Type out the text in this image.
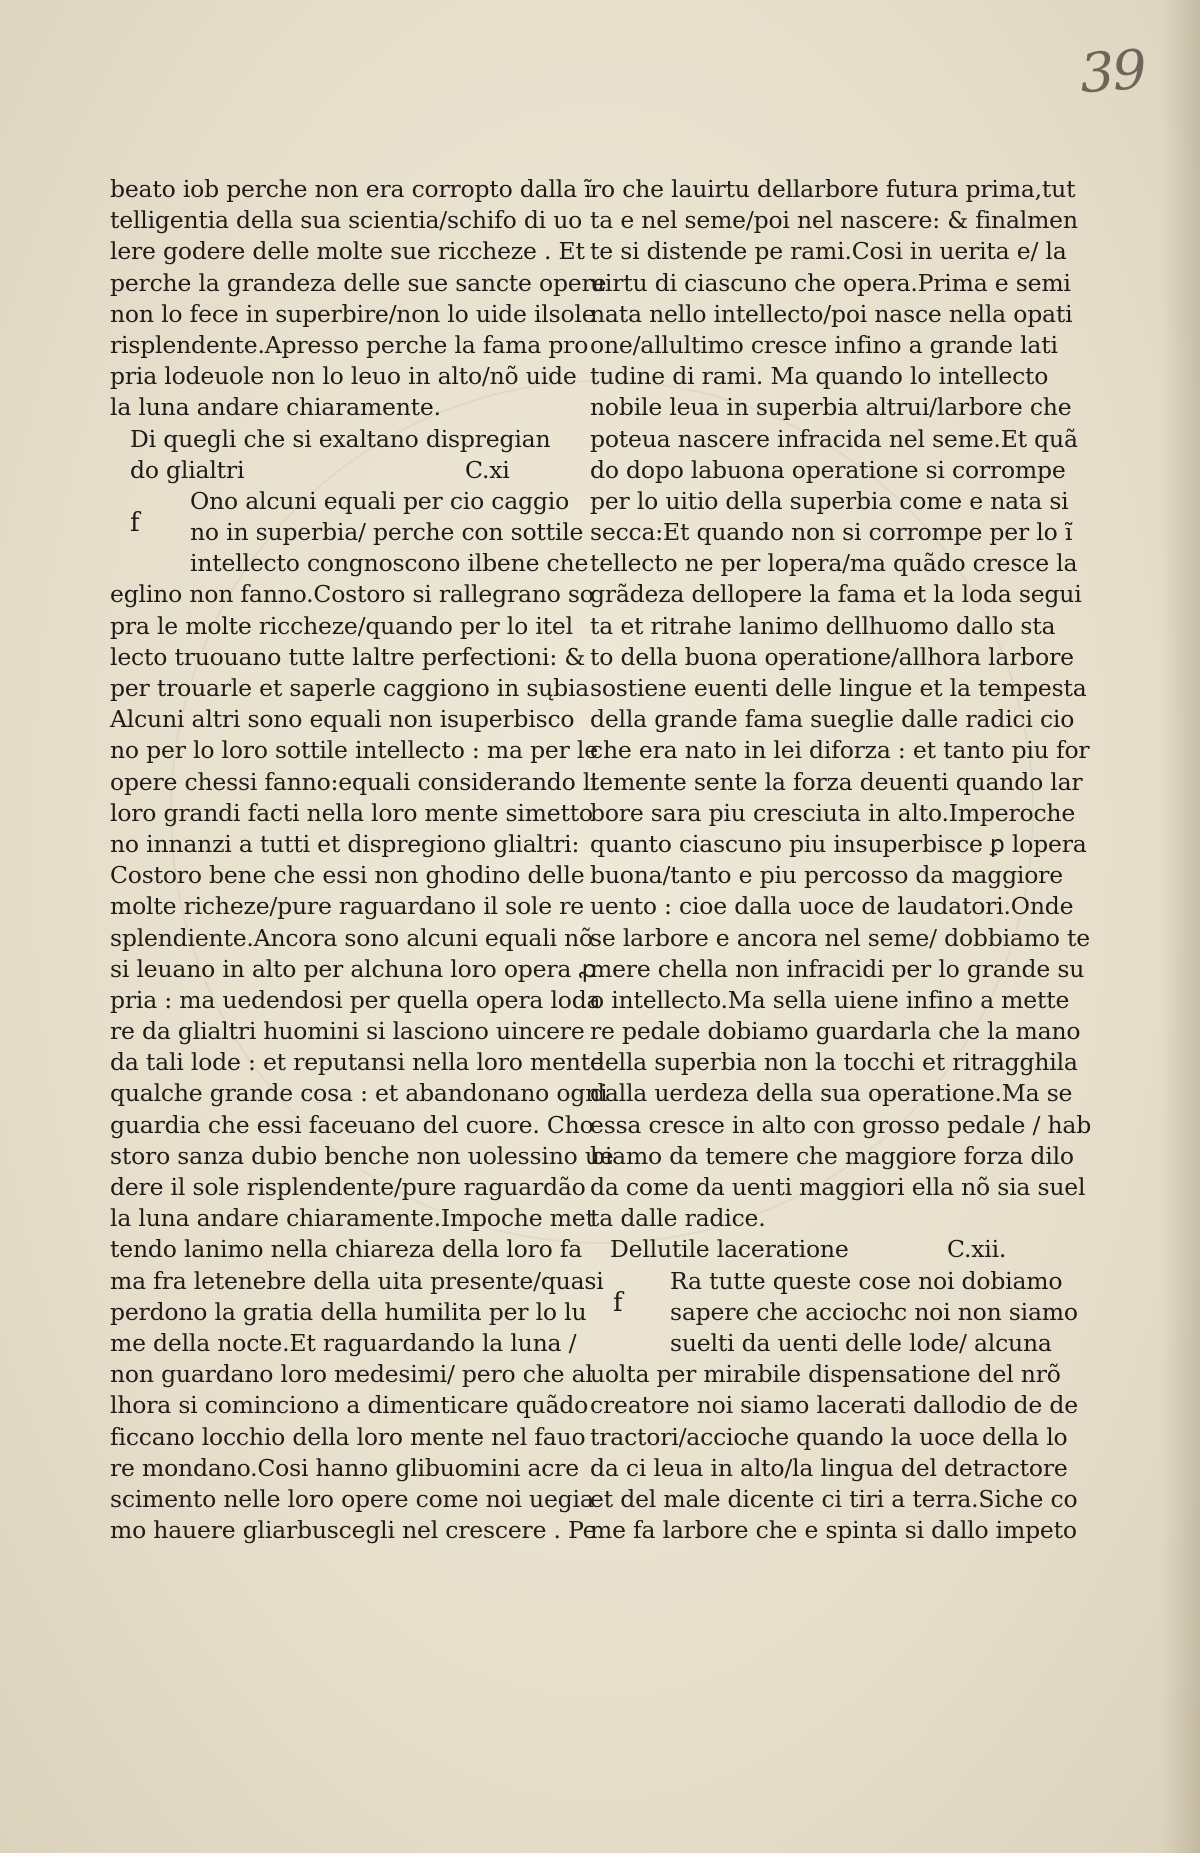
39
beato iob perche non era corropto dalla ĩ
telligentia della sua scientia/schifo di uo
lere godere delle molte sue riccheze . Et
perche la grandeza delle sue sancte opere
non lo fece in superbire/non lo uide ilsole
risplendente.Apresso perche la fama pro
pria lodeuole non lo leuo in alto/nõ uide
la luna andare chiaramente.
Di quegli che si exaltano dispregian
do glialtri	C.xi
f
Ono alcuni equali per cio caggio
no in superbia/ perche con sottile
intellecto congnoscono ilbene che
eglino non fanno.Costoro si rallegrano so
pra le molte riccheze/quando per lo itel
lecto truouano tutte laltre perfectioni: &
per trouarle et saperle caggiono in sųbia
Alcuni altri sono equali non isuperbisco
no per lo loro sottile intellecto : ma per le
opere chessi fanno:equali considerando li
loro grandi facti nella loro mente simetto
no innanzi a tutti et dispregiono glialtri:
Costoro bene che essi non ghodino delle
molte richeze/pure raguardano il sole re
splendiente.Ancora sono alcuni equali nõ
si leuano in alto per alchuna loro opera ꝓ
pria : ma uedendosi per quella opera loda
re da glialtri huomini si lasciono uincere
da tali lode : et reputansi nella loro mente
qualche grande cosa : et abandonano ogni
guardia che essi faceuano del cuore. Cho
storo sanza dubio benche non uolessino ue
dere il sole risplendente/pure raguardão
la luna andare chiaramente.Impoche met
tendo lanimo nella chiareza della loro fa
ma fra letenebre della uita presente/quasi
perdono la gratia della humilita per lo lu
me della nocte.Et raguardando la luna /
non guardano loro medesimi/ pero che al
lhora si cominciono a dimenticare quãdo
ficcano locchio della loro mente nel fauo
re mondano.Cosi hanno glibuomini acre
scimento nelle loro opere come noi uegia
mo hauere gliarbuscegli nel crescere . Pe
ro che lauirtu dellarbore futura prima,tut
ta e nel seme/poi nel nascere: & finalmen
te si distende pe rami.Cosi in uerita e/ la
uirtu di ciascuno che opera.Prima e semi
nata nello intellecto/poi nasce nella opati
one/allultimo cresce infino a grande lati
tudine di rami. Ma quando lo intellecto
nobile leua in superbia altrui/larbore che
poteua nascere infracida nel seme.Et quã
do dopo labuona operatione si corrompe
per lo uitio della superbia come e nata si
secca:Et quando non si corrompe per lo ĩ
tellecto ne per lopera/ma quãdo cresce la
grãdeza dellopere la fama et la loda segui
ta et ritrahe lanimo dellhuomo dallo sta
to della buona operatione/allhora larbore
sostiene euenti delle lingue et la tempesta
della grande fama sueglie dalle radici cio
che era nato in lei diforza : et tanto piu for
temente sente la forza deuenti quando lar
bore sara piu cresciuta in alto.Imperoche
quanto ciascuno piu insuperbisce ꝑ lopera
buona/tanto e piu percosso da maggiore
uento : cioe dalla uoce de laudatori.Onde
se larbore e ancora nel seme/ dobbiamo te
mere chella non infracidi per lo grande su
o intellecto.Ma sella uiene infino a mette
re pedale dobiamo guardarla che la mano
della superbia non la tocchi et ritragghila
dalla uerdeza della sua operatione.Ma se
essa cresce in alto con grosso pedale / hab
biamo da temere che maggiore forza dilo
da come da uenti maggiori ella nõ sia suel
ta dalle radice.
Dellutile laceratione	C.xii.
f
Ra tutte queste cose noi dobiamo
sapere che acciochc noi non siamo
suelti da uenti delle lode/ alcuna
uolta per mirabile dispensatione del nrõ
creatore noi siamo lacerati dallodio de de
tractori/accioche quando la uoce della lo
da ci leua in alto/la lingua del detractore
et del male dicente ci tiri a terra.Siche co
me fa larbore che e spinta si dallo impeto
